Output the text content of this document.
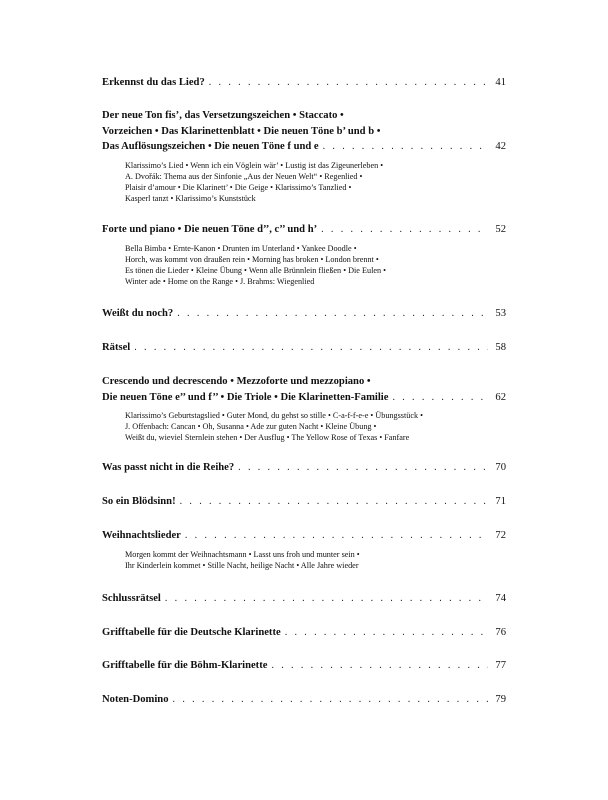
Erkennst du das Lied? . . .	41
Der neue Ton fis’, das Versetzungszeichen • Staccato •
Vorzeichen • Das Klarinettenblatt • Die neuen Töne b’ und b •
Das Auflösungszeichen • Die neuen Töne f und e . . .	42
Klarissimo’s Lied • Wenn ich ein Vöglein wär’ • Lustig ist das Zigeunerleben •
A. Dvořák: Thema aus der Sinfonie „Aus der Neuen Welt“ • Regenlied •
Plaisir d’amour • Die Klarinett’ • Die Geige • Klarissimo’s Tanzlied •
Kasperl tanzt • Klarissimo’s Kunststück
Forte und piano • Die neuen Töne d’’, c’’ und h’ . . .	52
Bella Bimba • Ernte-Kanon • Drunten im Unterland • Yankee Doodle •
Horch, was kommt von draußen rein • Morning has broken • London brennt •
Es tönen die Lieder • Kleine Übung • Wenn alle Brünnlein fließen • Die Eulen •
Winter ade • Home on the Range • J. Brahms: Wiegenlied
Weißt du noch? . . .	53
Rätsel . . .	58
Crescendo und decrescendo • Mezzoforte und mezzopiano •
Die neuen Töne e’’ und f’’ • Die Triole • Die Klarinetten-Familie . . .	62
Klarissimo’s Geburtstagslied • Guter Mond, du gehst so stille • C-a-f-f-e-e • Übungsstück •
J. Offenbach: Cancan • Oh, Susanna • Ade zur guten Nacht • Kleine Übung •
Weißt du, wieviel Sternlein stehen • Der Ausflug • The Yellow Rose of Texas • Fanfare
Was passt nicht in die Reihe? . . .	70
So ein Blödsinn! . . .	71
Weihnachtslieder . . .	72
Morgen kommt der Weihnachtsmann • Lasst uns froh und munter sein •
Ihr Kinderlein kommet • Stille Nacht, heilige Nacht • Alle Jahre wieder
Schlussrätsel . . .	74
Grifftabelle für die Deutsche Klarinette . . .	76
Grifftabelle für die Böhm-Klarinette . . .	77
Noten-Domino . . .	79
